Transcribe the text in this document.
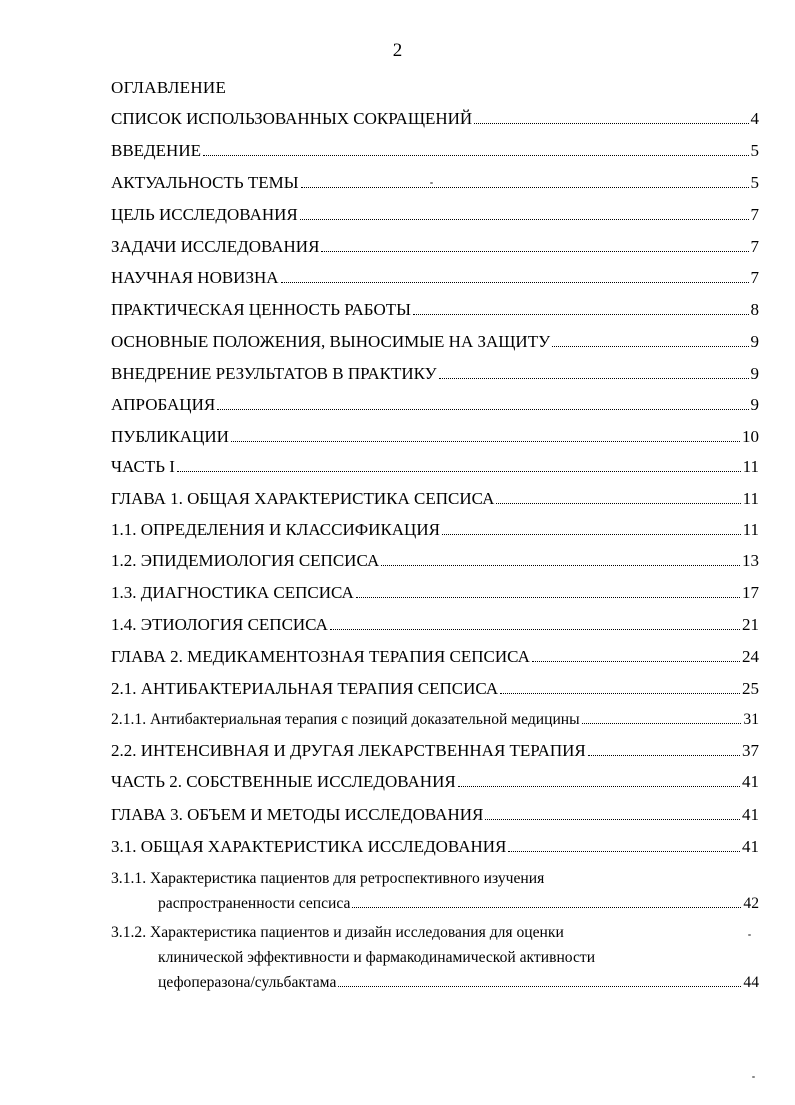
2
ОГЛАВЛЕНИЕ
СПИСОК ИСПОЛЬЗОВАННЫХ СОКРАЩЕНИЙ	4
ВВЕДЕНИЕ	5
АКТУАЛЬНОСТЬ ТЕМЫ	5
ЦЕЛЬ ИССЛЕДОВАНИЯ	7
ЗАДАЧИ ИССЛЕДОВАНИЯ	7
НАУЧНАЯ НОВИЗНА	7
ПРАКТИЧЕСКАЯ ЦЕННОСТЬ РАБОТЫ	8
ОСНОВНЫЕ ПОЛОЖЕНИЯ, ВЫНОСИМЫЕ НА ЗАЩИТУ	9
ВНЕДРЕНИЕ РЕЗУЛЬТАТОВ В ПРАКТИКУ	9
АПРОБАЦИЯ	9
ПУБЛИКАЦИИ	10
ЧАСТЬ I	11
ГЛАВА 1. ОБЩАЯ ХАРАКТЕРИСТИКА СЕПСИСА	11
1.1. ОПРЕДЕЛЕНИЯ И КЛАССИФИКАЦИЯ	11
1.2. ЭПИДЕМИОЛОГИЯ СЕПСИСА	13
1.3. ДИАГНОСТИКА СЕПСИСА	17
1.4. ЭТИОЛОГИЯ СЕПСИСА	21
ГЛАВА 2. МЕДИКАМЕНТОЗНАЯ ТЕРАПИЯ СЕПСИСА	24
2.1. АНТИБАКТЕРИАЛЬНАЯ ТЕРАПИЯ СЕПСИСА	25
2.1.1. Антибактериальная терапия с позиций доказательной медицины	31
2.2. ИНТЕНСИВНАЯ И ДРУГАЯ ЛЕКАРСТВЕННАЯ ТЕРАПИЯ	37
ЧАСТЬ 2. СОБСТВЕННЫЕ ИССЛЕДОВАНИЯ	41
ГЛАВА 3. ОБЪЕМ И МЕТОДЫ ИССЛЕДОВАНИЯ	41
3.1. ОБЩАЯ ХАРАКТЕРИСТИКА ИССЛЕДОВАНИЯ	41
3.1.1. Характеристика пациентов для ретроспективного изучения
распространенности сепсиса	42
3.1.2. Характеристика пациентов и дизайн исследования для оценки
клинической эффективности и фармакодинамической активности
цефоперазона/сульбактама	44
